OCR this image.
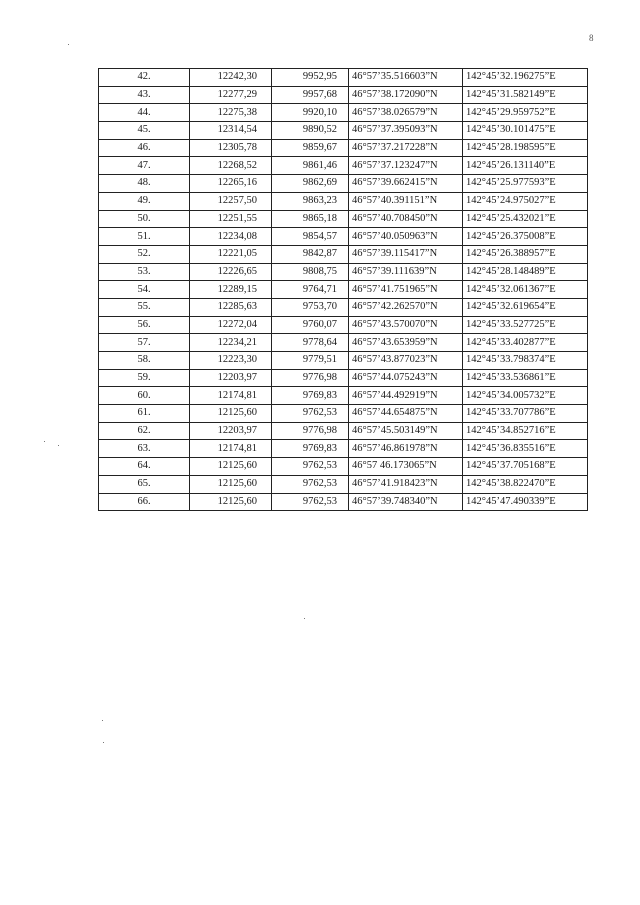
8
42.	12242,30	9952,95	46°57’35.516603”N	142°45’32.196275”E
43.	12277,29	9957,68	46°57’38.172090”N	142°45’31.582149”E
44.	12275,38	9920,10	46°57’38.026579”N	142°45’29.959752”E
45.	12314,54	9890,52	46°57’37.395093”N	142°45’30.101475”E
46.	12305,78	9859,67	46°57’37.217228”N	142°45’28.198595”E
47.	12268,52	9861,46	46°57’37.123247”N	142°45’26.131140”E
48.	12265,16	9862,69	46°57’39.662415”N	142°45’25.977593”E
49.	12257,50	9863,23	46°57’40.391151”N	142°45’24.975027”E
50.	12251,55	9865,18	46°57’40.708450”N	142°45’25.432021”E
51.	12234,08	9854,57	46°57’40.050963”N	142°45’26.375008”E
52.	12221,05	9842,87	46°57’39.115417”N	142°45’26.388957”E
53.	12226,65	9808,75	46°57’39.111639”N	142°45’28.148489”E
54.	12289,15	9764,71	46°57’41.751965”N	142°45’32.061367”E
55.	12285,63	9753,70	46°57’42.262570”N	142°45’32.619654”E
56.	12272,04	9760,07	46°57’43.570070”N	142°45’33.527725”E
57.	12234,21	9778,64	46°57’43.653959”N	142°45’33.402877”E
58.	12223,30	9779,51	46°57’43.877023”N	142°45’33.798374”E
59.	12203,97	9776,98	46°57’44.075243”N	142°45’33.536861”E
60.	12174,81	9769,83	46°57’44.492919”N	142°45’34.005732”E
61.	12125,60	9762,53	46°57’44.654875”N	142°45’33.707786”E
62.	12203,97	9776,98	46°57’45.503149”N	142°45’34.852716”E
63.	12174,81	9769,83	46°57’46.861978”N	142°45’36.835516”E
64.	12125,60	9762,53	46°57 46.173065”N	142°45’37.705168”E
65.	12125,60	9762,53	46°57’41.918423”N	142°45’38.822470”E
66.	12125,60	9762,53	46°57’39.748340”N	142°45’47.490339”E
